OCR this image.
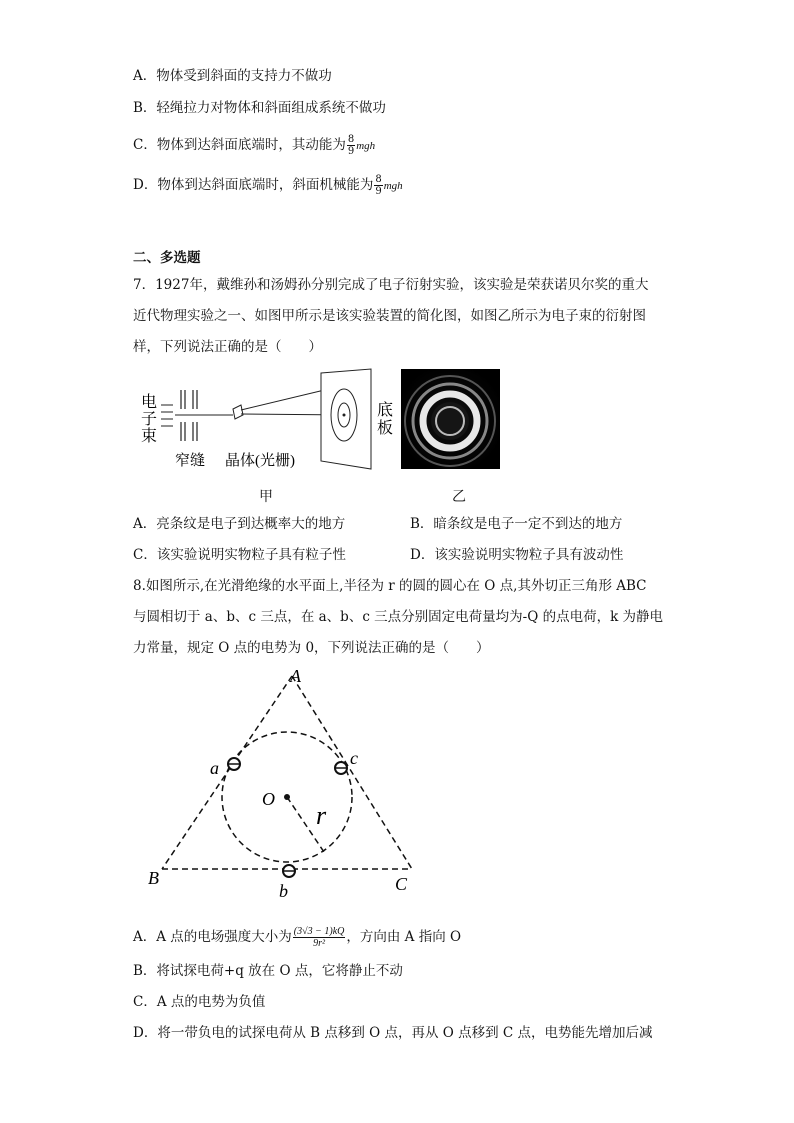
A．物体受到斜面的支持力不做功
B．轻绳拉力对物体和斜面组成系统不做功
C．物体到达斜面底端时，其动能为 $\frac{8}{9}$ mgh
D．物体到达斜面底端时，斜面机械能为 $\frac{8}{9}$ mgh
二、多选题
7．1927年，戴维孙和汤姆孙分别完成了电子衍射实验，该实验是荣获诺贝尔奖的重大
近代物理实验之一、如图甲所示是该实验装置的简化图，如图乙所示为电子束的衍射图
样，下列说法正确的是（　　）
电
子
束
底
板
窄缝 晶体(光栅)
甲	乙
A．亮条纹是电子到达概率大的地方	B．暗条纹是电子一定不到达的地方
C．该实验说明实物粒子具有粒子性	D．该实验说明实物粒子具有波动性
8.如图所示,在光滑绝缘的水平面上,半径为 r 的圆的圆心在 O 点,其外切正三角形 ABC
与圆相切于 a、b、c 三点，在 a、b、c 三点分别固定电荷量均为-Q 的点电荷，k 为静电
力常量，规定 O 点的电势为 0，下列说法正确的是（　　）
A
B	C
a	c
b
O
r
A．A 点的电场强度大小为 $\frac{(3√3 - 1)kQ}{\text{9r²}}$ ，方向由 A 指向 O
B．将试探电荷+q 放在 O 点，它将静止不动
C．A 点的电势为负值
D．将一带负电的试探电荷从 B 点移到 O 点，再从 O 点移到 C 点，电势能先增加后减
